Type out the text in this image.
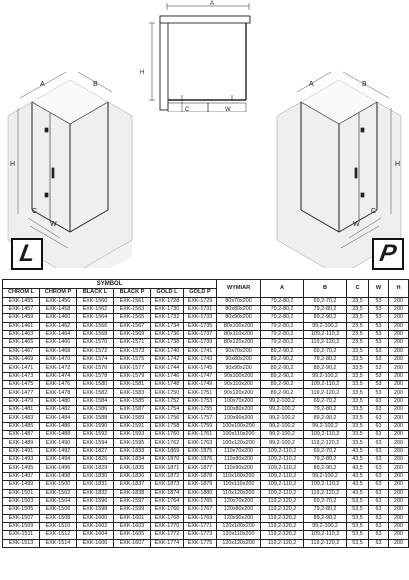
A
H
C	W
A	B
H
C
W
A	B
H
C
W
L	P
SYMBOL						WYMIAR	A	B	C	W	H
CHROM L	CHROM P	BLACK L	BLACK P	GOLD L	GOLD P						
EXK-1455	EXK-1456	EXK-1560	EXK-1561	EXK-1728	EXK-1729	80x70x200	79,2-80,2	69,2-70,2	23,5	53	200
EXK-1457	EXK-1458	EXK-1562	EXK-1563	EXK-1730	EXK-1731	80x80x200	79,2-80,2	79,2-80,2	23,5	53	200
EXK-1459	EXK-1460	EXK-1564	EXK-1565	EXK-1732	EXK-1733	80x90x200	79,2-80,2	89,2-90,2	23,5	53	200
EXK-1461	EXK-1462	EXK-1566	EXK-1567	EXK-1734	EXK-1735	80x100x200	79,2-80,2	99,2-100,2	23,5	53	200
EXK-1463	EXK-1464	EXK-1568	EXK-1569	EXK-1736	EXK-1737	80x110x200	79,2-80,2	109,2-110,2	23,5	53	200
EXK-1465	EXK-1466	EXK-1570	EXK-1571	EXK-1738	EXK-1739	80x120x200	79,2-80,2	119,2-120,2	23,5	53	200
EXK-1467	EXK-1468	EXK-1572	EXK-1573	EXK-1740	EXK-1741	90x70x200	89,2-90,2	69,2-70,2	33,5	53	200
EXK-1469	EXK-1470	EXK-1574	EXK-1575	EXK-1742	EXK-1743	90x80x200	89,2-90,2	79,2-80,2	33,5	53	200
EXK-1471	EXK-1472	EXK-1576	EXK-1577	EXK-1744	EXK-1745	90x90x200	89,2-90,2	89,2-90,2	33,5	53	200
EXK-1473	EXK-1474	EXK-1578	EXK-1579	EXK-1746	EXK-1747	90x100x200	89,2-90,2	99,2-100,2	33,5	53	200
EXK-1475	EXK-1476	EXK-1580	EXK-1581	EXK-1748	EXK-1749	90x110x200	89,2-90,2	109,2-110,2	33,5	53	200
EXK-1477	EXK-1478	EXK-1582	EXK-1583	EXK-1750	EXK-1751	90x120x200	89,2-90,2	119,2-120,2	33,5	53	200
EXK-1479	EXK-1480	EXK-1584	EXK-1585	EXK-1752	EXK-1753	100x70x200	99,2-100,2	69,2-70,2	33,5	63	200
EXK-1481	EXK-1482	EXK-1586	EXK-1587	EXK-1754	EXK-1755	100x80x200	99,2-100,2	79,2-80,2	33,5	63	200
EXK-1483	EXK-1484	EXK-1588	EXK-1589	EXK-1756	EXK-1757	100x90x200	99,2-100,2	89,2-90,2	33,5	63	200
EXK-1485	EXK-1486	EXK-1590	EXK-1591	EXK-1758	EXK-1759	100x100x200	99,2-100,2	99,2-100,2	33,5	63	200
EXK-1487	EXK-1488	EXK-1592	EXK-1593	EXK-1760	EXK-1761	100x110x200	99,2-100,2	109,2-110,2	33,5	63	200
EXK-1489	EXK-1490	EXK-1594	EXK-1595	EXK-1762	EXK-1763	100x120x200	99,2-100,2	119,2-120,2	33,5	63	200
EXK-1491	EXK-1492	EXK-1827	EXK-1833	EXK-1869	EXK-1875	110x70x200	109,2-110,2	69,2-70,2	43,5	63	200
EXK-1493	EXK-1494	EXK-1826	EXK-1834	EXK-1870	EXK-1876	110x80x200	109,2-110,2	79,2-80,2	43,5	63	200
EXK-1495	EXK-1496	EXK-1829	EXK-1835	EXK-1871	EXK-1877	110x90x200	109,2-110,2	89,2-90,2	43,5	63	200
EXK-1497	EXK-1498	EXK-1830	EXK-1836	EXK-1872	EXK-1878	110x100x200	109,2-110,2	99,2-100,2	43,5	63	200
EXK-1499	EXK-1500	EXK-1831	EXK-1837	EXK-1873	EXK-1879	110x110x200	109,2-110,2	109,2-110,2	43,5	63	200
EXK-1501	EXK-1502	EXK-1832	EXK-1838	EXK-1874	EXK-1880	110x120x200	109,2-110,2	119,2-120,2	43,5	63	200
EXK-1503	EXK-1504	EXK-1596	EXK-1597	EXK-1764	EXK-1765	120x70x200	119,2-120,2	69,2-70,2	53,5	63	200
EXK-1505	EXK-1506	EXK-1598	EXK-1599	EXK-1766	EXK-1767	120x80x200	119,2-120,2	79,2-80,2	53,5	63	200
EXK-1507	EXK-1508	EXK-1600	EXK-1601	EXK-1768	EXK-1769	120x90x200	119,2-120,2	89,2-90,2	53,5	63	200
EXK-1509	EXK-1510	EXK-1602	EXK-1603	EXK-1770	EXK-1771	120x100x200	119,2-120,2	99,2-100,2	53,5	63	200
EXK-1511	EXK-1512	EXK-1604	EXK-1605	EXK-1772	EXK-1773	120x110x200	119,2-120,2	109,2-110,2	53,5	63	200
EXK-1513	EXK-1514	EXK-1606	EXK-1607	EXK-1774	EXK-1775	120x120x200	119,2-120,2	119,2-120,2	53,5	63	200
